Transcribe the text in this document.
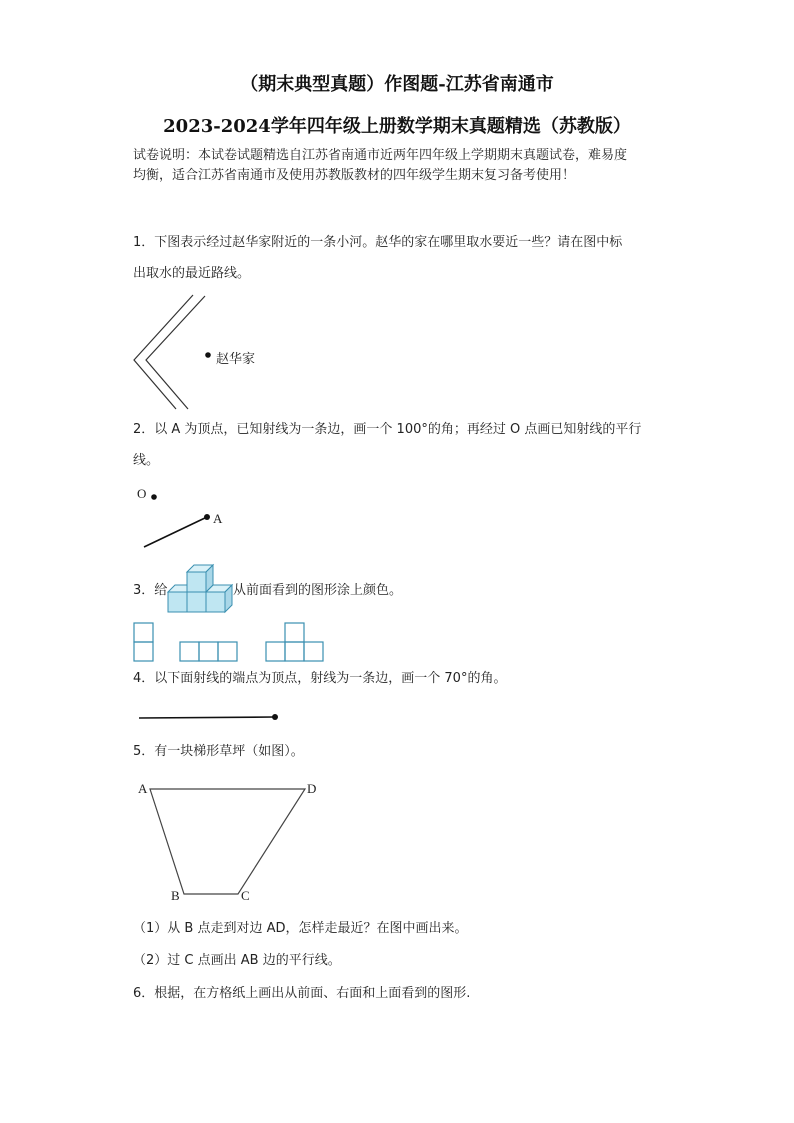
（期末典型真题）作图题-江苏省南通市
2023-2024学年四年级上册数学期末真题精选（苏教版）
试卷说明：本试卷试题精选自江苏省南通市近两年四年级上学期期末真题试卷，难易度
均衡，适合江苏省南通市及使用苏教版教材的四年级学生期末复习备考使用！
1．下图表示经过赵华家附近的一条小河。赵华的家在哪里取水要近一些？请在图中标
出取水的最近路线。
赵华家
2．以 A 为顶点，已知射线为一条边，画一个 100°的角；再经过 O 点画已知射线的平行
线。
O
A
3．给	从前面看到的图形涂上颜色。
4．以下面射线的端点为顶点，射线为一条边，画一个 70°的角。
5．有一块梯形草坪（如图）。
A	D
B	C
（1）从 B 点走到对边 AD，怎样走最近？在图中画出来。
（2）过 C 点画出 AB 边的平行线。
6．根据，在方格纸上画出从前面、右面和上面看到的图形.
